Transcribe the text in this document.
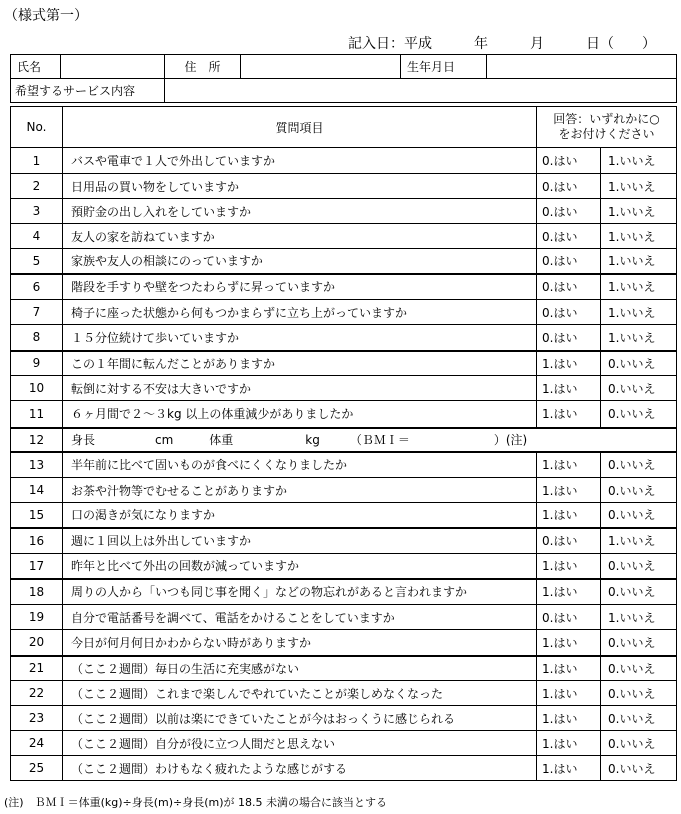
（様式第一）
記入日：平成　　　年　　　月　　　日（　　）
氏名		住　所		生年月日	
希望するサービス内容					
No.	質問項目	回答：いずれかに○
をお付けください	
1	バスや電車で１人で外出していますか	0.はい	1.いいえ
2	日用品の買い物をしていますか	0.はい	1.いいえ
3	預貯金の出し入れをしていますか	0.はい	1.いいえ
4	友人の家を訪ねていますか	0.はい	1.いいえ
5	家族や友人の相談にのっていますか	0.はい	1.いいえ
6	階段を手すりや壁をつたわらずに昇っていますか	0.はい	1.いいえ
7	椅子に座った状態から何もつかまらずに立ち上がっていますか	0.はい	1.いいえ
8	１５分位続けて歩いていますか	0.はい	1.いいえ
9	この１年間に転んだことがありますか	1.はい	0.いいえ
10	転倒に対する不安は大きいですか	1.はい	0.いいえ
11	６ヶ月間で２～３kg 以上の体重減少がありましたか	1.はい	0.いいえ
12	身長　　　　　cm　　　体重　　　　　　kg　　　（ＢＭＩ＝　　　　　　　）(注)		
13	半年前に比べて固いものが食べにくくなりましたか	1.はい	0.いいえ
14	お茶や汁物等でむせることがありますか	1.はい	0.いいえ
15	口の渇きが気になりますか	1.はい	0.いいえ
16	週に１回以上は外出していますか	0.はい	1.いいえ
17	昨年と比べて外出の回数が減っていますか	1.はい	0.いいえ
18	周りの人から「いつも同じ事を聞く」などの物忘れがあると言われますか	1.はい	0.いいえ
19	自分で電話番号を調べて、電話をかけることをしていますか	0.はい	1.いいえ
20	今日が何月何日かわからない時がありますか	1.はい	0.いいえ
21	（ここ２週間）毎日の生活に充実感がない	1.はい	0.いいえ
22	（ここ２週間）これまで楽しんでやれていたことが楽しめなくなった	1.はい	0.いいえ
23	（ここ２週間）以前は楽にできていたことが今はおっくうに感じられる	1.はい	0.いいえ
24	（ここ２週間）自分が役に立つ人間だと思えない	1.はい	0.いいえ
25	（ここ２週間）わけもなく疲れたような感じがする	1.はい	0.いいえ
(注)　ＢＭＩ＝体重(kg)÷身長(m)÷身長(m)が 18.5 未満の場合に該当とする
